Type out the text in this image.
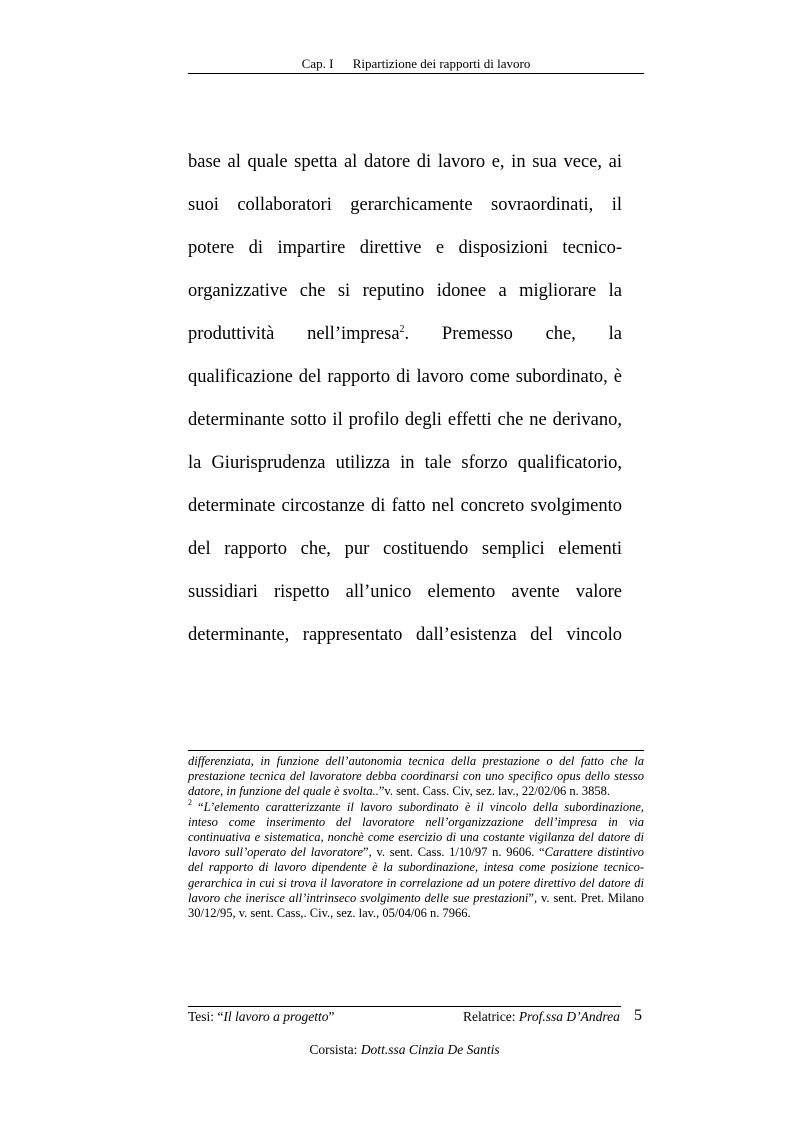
Cap. I Ripartizione dei rapporti di lavoro
base al quale spetta al datore di lavoro e, in sua vece, ai
suoi collaboratori gerarchicamente sovraordinati, il
potere di impartire direttive e disposizioni tecnico-
organizzative che si reputino idonee a migliorare la
produttività nell’impresa$^2$. Premesso che, la
qualificazione del rapporto di lavoro come subordinato, è
determinante sotto il profilo degli effetti che ne derivano,
la Giurisprudenza utilizza in tale sforzo qualificatorio,
determinate circostanze di fatto nel concreto svolgimento
del rapporto che, pur costituendo semplici elementi
sussidiari rispetto all’unico elemento avente valore
determinante, rappresentato dall’esistenza del vincolo

differenziata, in funzione dell’autonomia tecnica della prestazione o del fatto che la prestazione tecnica del lavoratore debba coordinarsi con uno specifico opus dello stesso datore, in funzione del quale è svolta..”v. sent. Cass. Civ, sez. lav., 22/02/06 n. 3858.

$^2$ “L’elemento caratterizzante il lavoro subordinato è il vincolo della subordinazione, inteso come inserimento del lavoratore nell’organizzazione dell’impresa in via continuativa e sistematica, nonchè come esercizio di una costante vigilanza del datore di lavoro sull’operato del lavoratore”, v. sent. Cass. 1/10/97 n. 9606. “Carattere distintivo del rapporto di lavoro dipendente è la subordinazione, intesa come posizione tecnico-gerarchica in cui si trova il lavoratore in correlazione ad un potere direttivo del datore di lavoro che inerisce all’intrinseco svolgimento delle sue prestazioni”, v. sent. Pret. Milano 30/12/95, v. sent. Cass,. Civ., sez. lav., 05/04/06 n. 7966.

Tesi: “Il lavoro a progetto”	Relatrice: Prof.ssa D’Andrea 5
Corsista: Dott.ssa Cinzia De Santis
